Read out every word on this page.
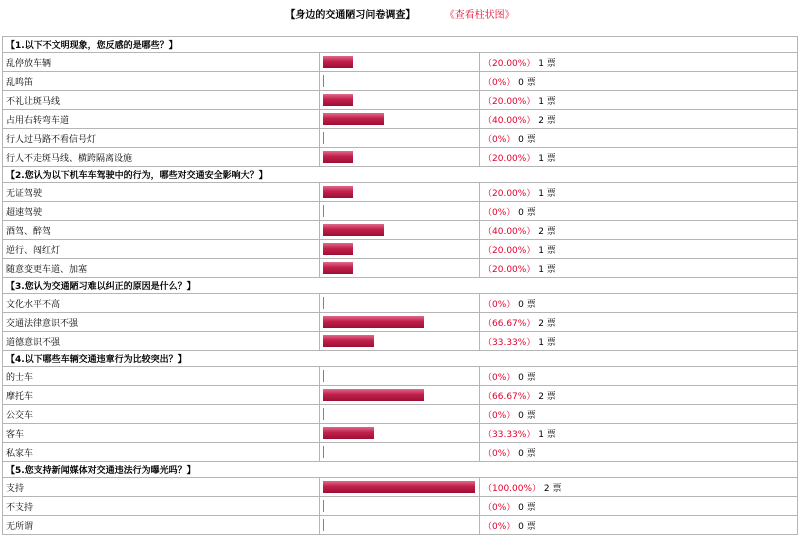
【身边的交通陋习问卷调查】	《查看柱状图》
【1.以下不文明现象，您反感的是哪些？】		
乱停放车辆		（20.00%） 1 票
乱鸣笛		（0%） 0 票
不礼让斑马线		（20.00%） 1 票
占用右转弯车道		（40.00%） 2 票
行人过马路不看信号灯		（0%） 0 票
行人不走斑马线、横跨隔离设施		（20.00%） 1 票
【2.您认为以下机车车驾驶中的行为，哪些对交通安全影响大？】		
无证驾驶		（20.00%） 1 票
超速驾驶		（0%） 0 票
酒驾、醉驾		（40.00%） 2 票
逆行、闯红灯		（20.00%） 1 票
随意变更车道、加塞		（20.00%） 1 票
【3.您认为交通陋习难以纠正的原因是什么？】		
文化水平不高		（0%） 0 票
交通法律意识不强		（66.67%） 2 票
道德意识不强		（33.33%） 1 票
【4.以下哪些车辆交通违章行为比较突出？】		
的士车		（0%） 0 票
摩托车		（66.67%） 2 票
公交车		（0%） 0 票
客车		（33.33%） 1 票
私家车		（0%） 0 票
【5.您支持新闻媒体对交通违法行为曝光吗？】		
支持		（100.00%） 2 票
不支持		（0%） 0 票
无所谓		（0%） 0 票
